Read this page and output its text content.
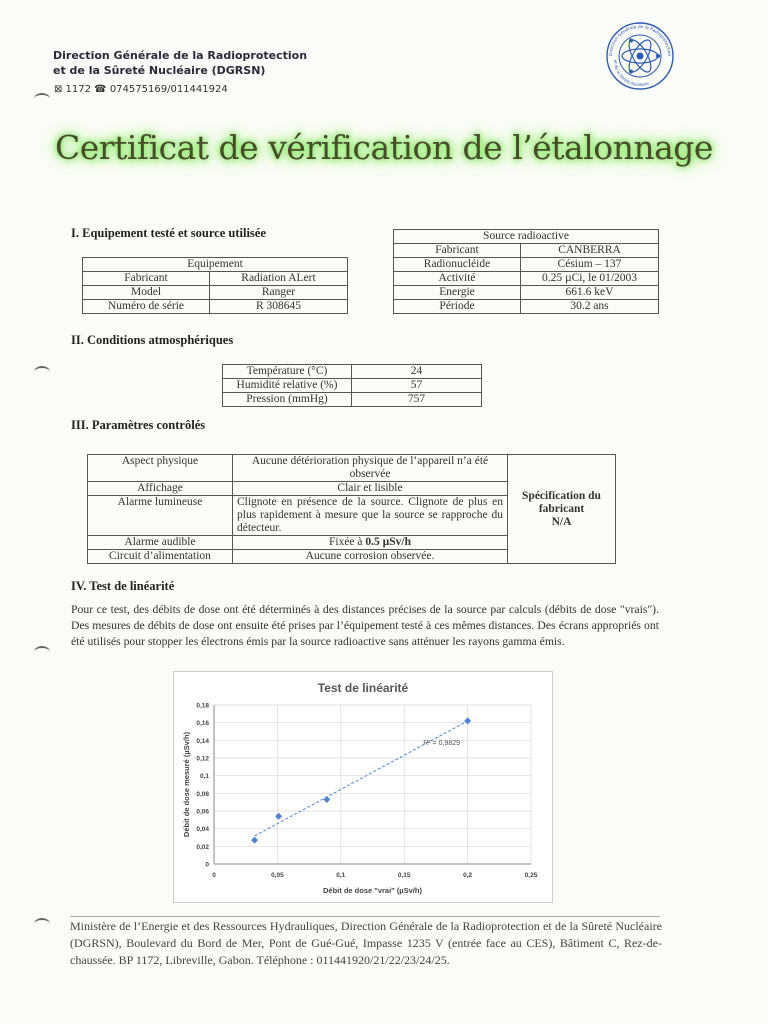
Direction Générale de la Radioprotection
et de la Sûreté Nucléaire (DGRSN)
⊠ 1172 ☎ 074575169/011441924
Direction Générale de la Radioprotection
et de la Sûreté Nucléaire
Certificat de vérification de l’étalonnage
I. Equipement testé et source utilisée
Equipement	
Fabricant	Radiation ALert
Model	Ranger
Numéro de série	R 308645
Source radioactive	
Fabricant	CANBERRA
Radionucléide	Césium – 137
Activité	0.25 µCi, le 01/2003
Energie	661.6 keV
Période	30.2 ans
II. Conditions atmosphériques
Température (°C)	24
Humidité relative (%)	57
Pression (mmHg)	757
III. Paramètres contrôlés
Aspect physique	Aucune détérioration physique de l’appareil n’a été observée	Spécification du fabricant
N/A

Affichage	Clair et lisible	
Alarme lumineuse	Clignote en présence de la source. Clignote de plus en plus rapidement à mesure que la source se rapproche du détecteur.	
Alarme audible	Fixée à 0.5 µSv/h	
Circuit d’alimentation	Aucune corrosion observée.	
IV. Test de linéarité
Pour ce test, des débits de dose ont été déterminés à des distances précises de la source par calculs (débits de dose "vrais"). Des mesures de débits de dose ont ensuite été prises par l’équipement testé à ces mêmes distances. Des écrans appropriés ont été utilisés pour stopper les électrons émis par la source radioactive sans atténuer les rayons gamma émis.
Test de linéarité
0
0,02
0,04
0,06
0,08
0,1
0,12
0,14
0,16
0,18
0	0,05	0,1	0,15	0,2	0,25
R² = 0,9829
Débit de dose "vrai" (µSv/h)
Débit de dose mesuré (µSv/h)
Ministère de l’Energie et des Ressources Hydrauliques, Direction Générale de la Radioprotection et de la Sûreté Nucléaire (DGRSN), Boulevard du Bord de Mer, Pont de Gué-Gué, Impasse 1235 V (entrée face au CES), Bâtiment C, Rez-de-chaussée. BP 1172, Libreville, Gabon. Téléphone : 011441920/21/22/23/24/25.
